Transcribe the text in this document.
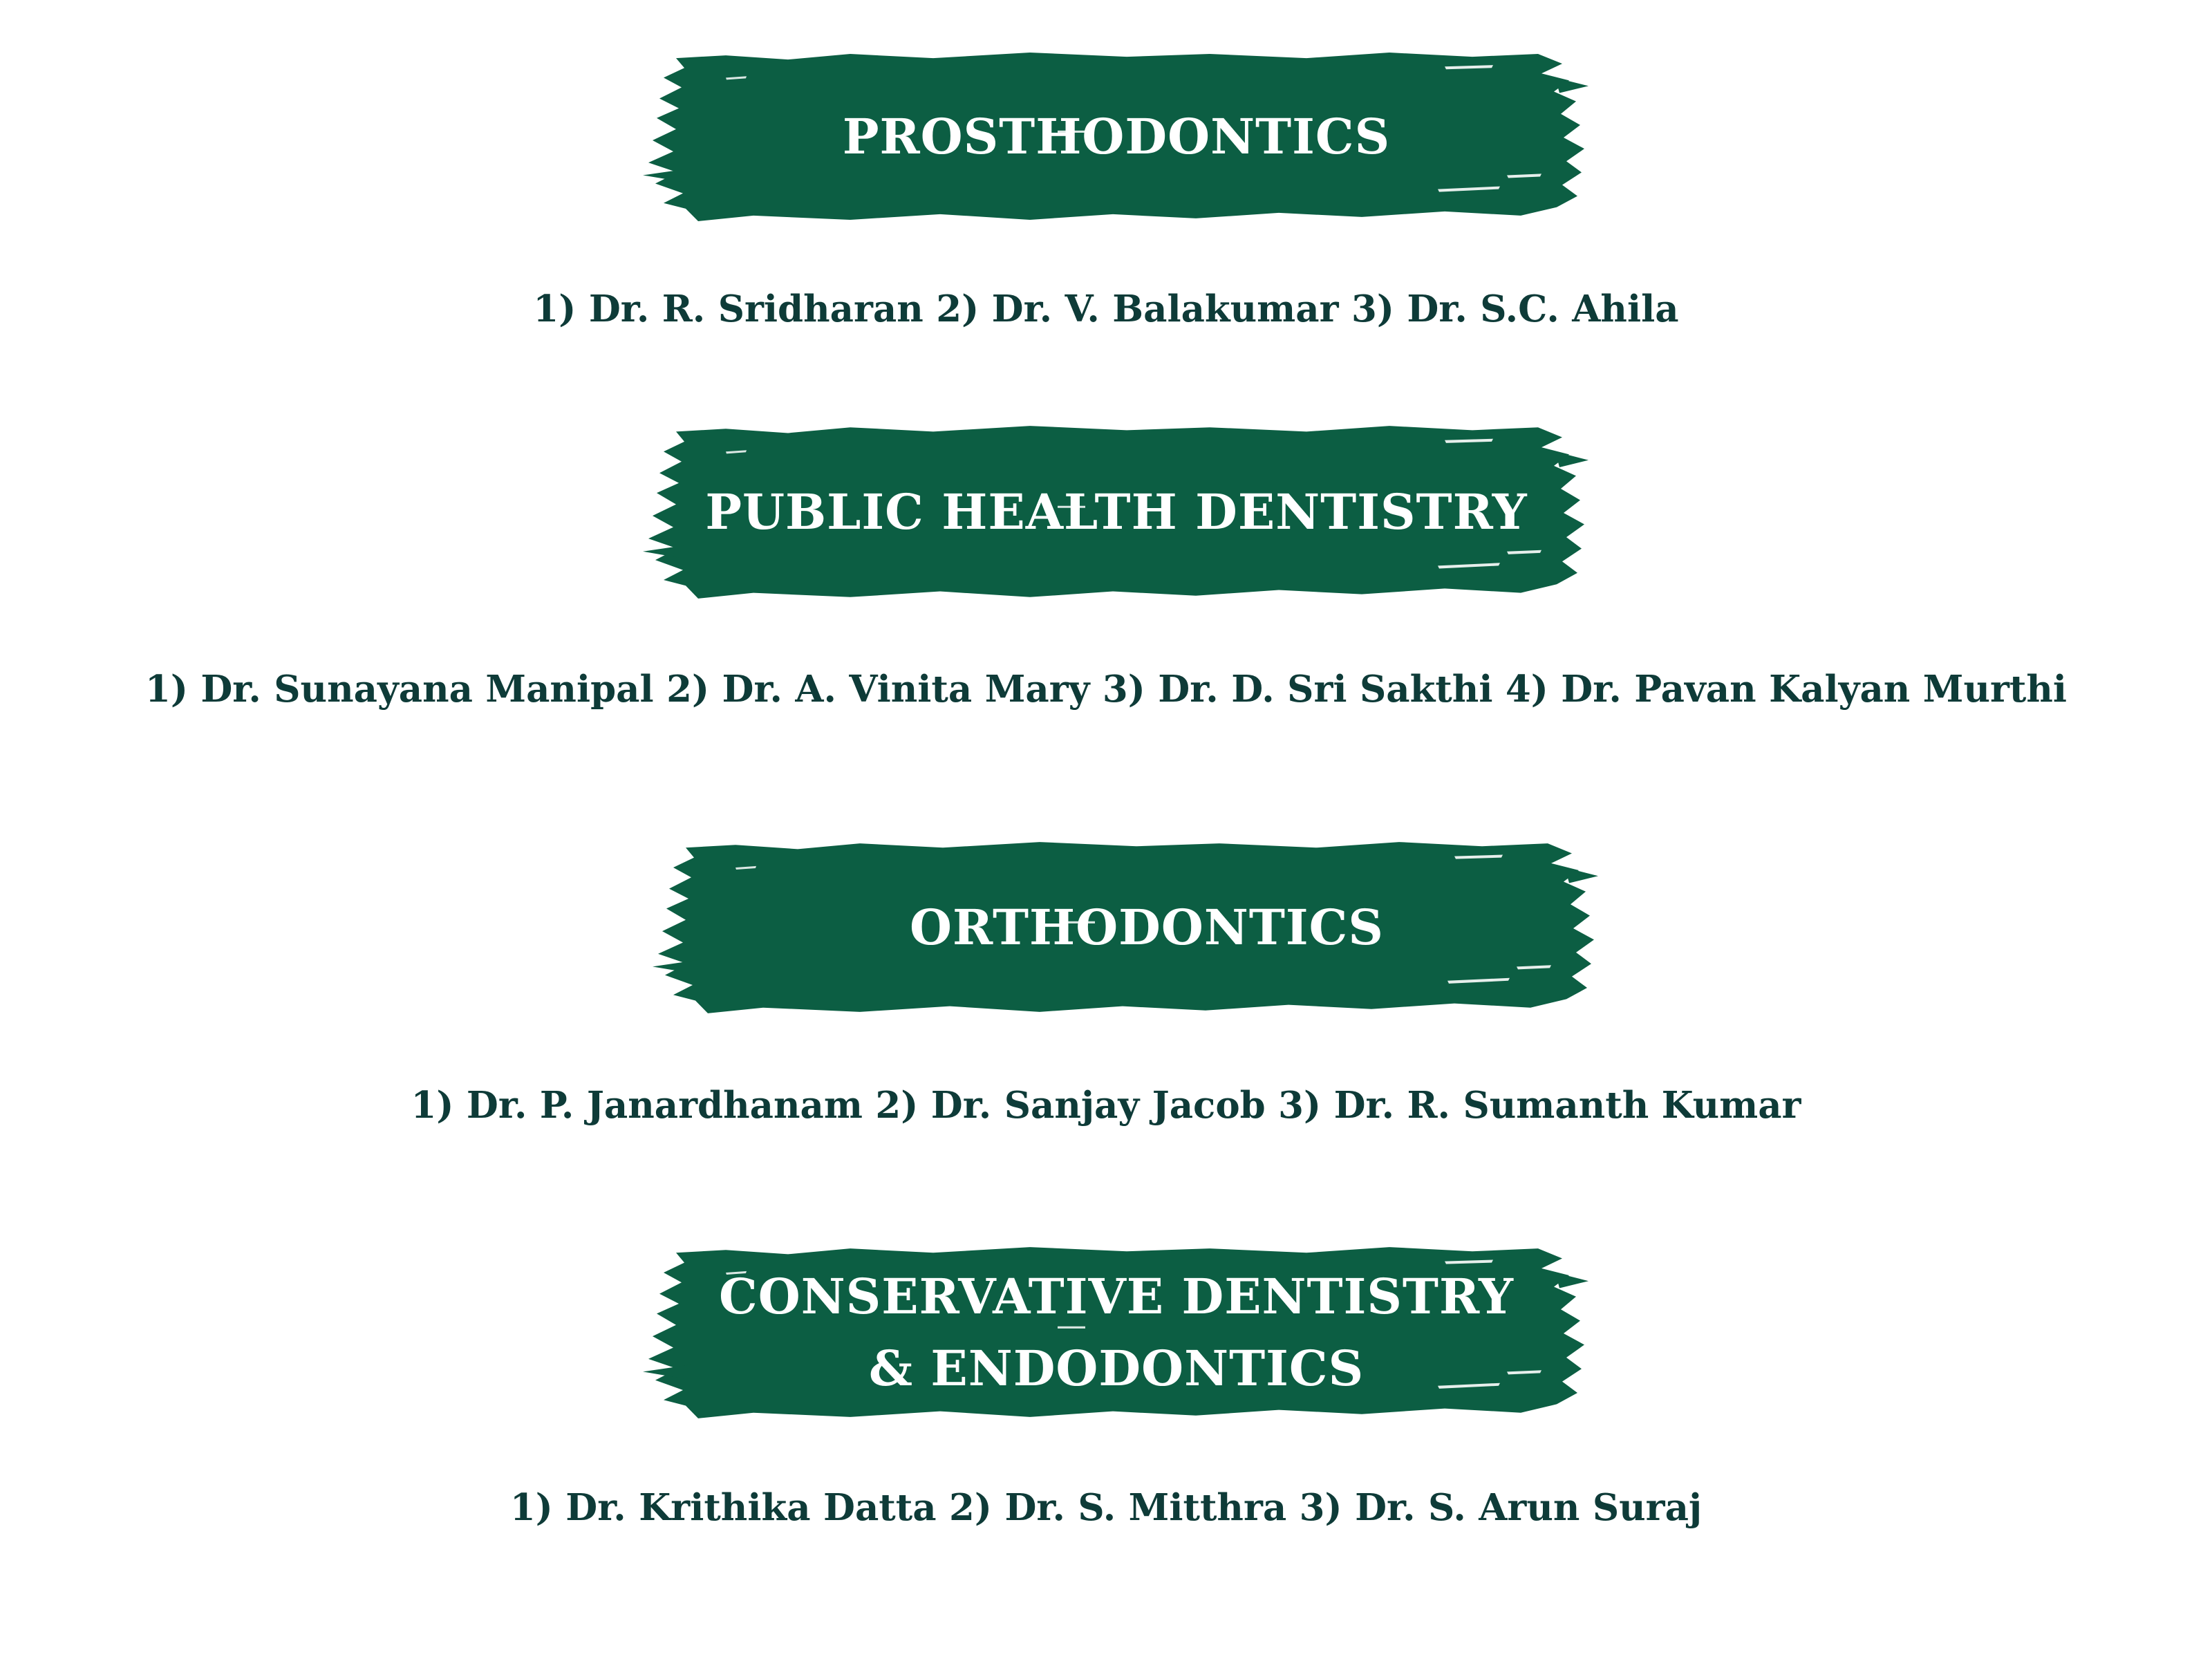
PROSTHODONTICS

1) Dr. R. Sridharan 2) Dr. V. Balakumar 3) Dr. S.C. Ahila

PUBLIC HEALTH DENTISTRY

1) Dr. Sunayana Manipal 2) Dr. A. Vinita Mary 3) Dr. D. Sri Sakthi 4) Dr. Pavan Kalyan Murthi

ORTHODONTICS

1) Dr. P. Janardhanam 2) Dr. Sanjay Jacob 3) Dr. R. Sumanth Kumar

CONSERVATIVE DENTISTRY
& ENDODONTICS

1) Dr. Krithika Datta 2) Dr. S. Mitthra 3) Dr. S. Arun Suraj
